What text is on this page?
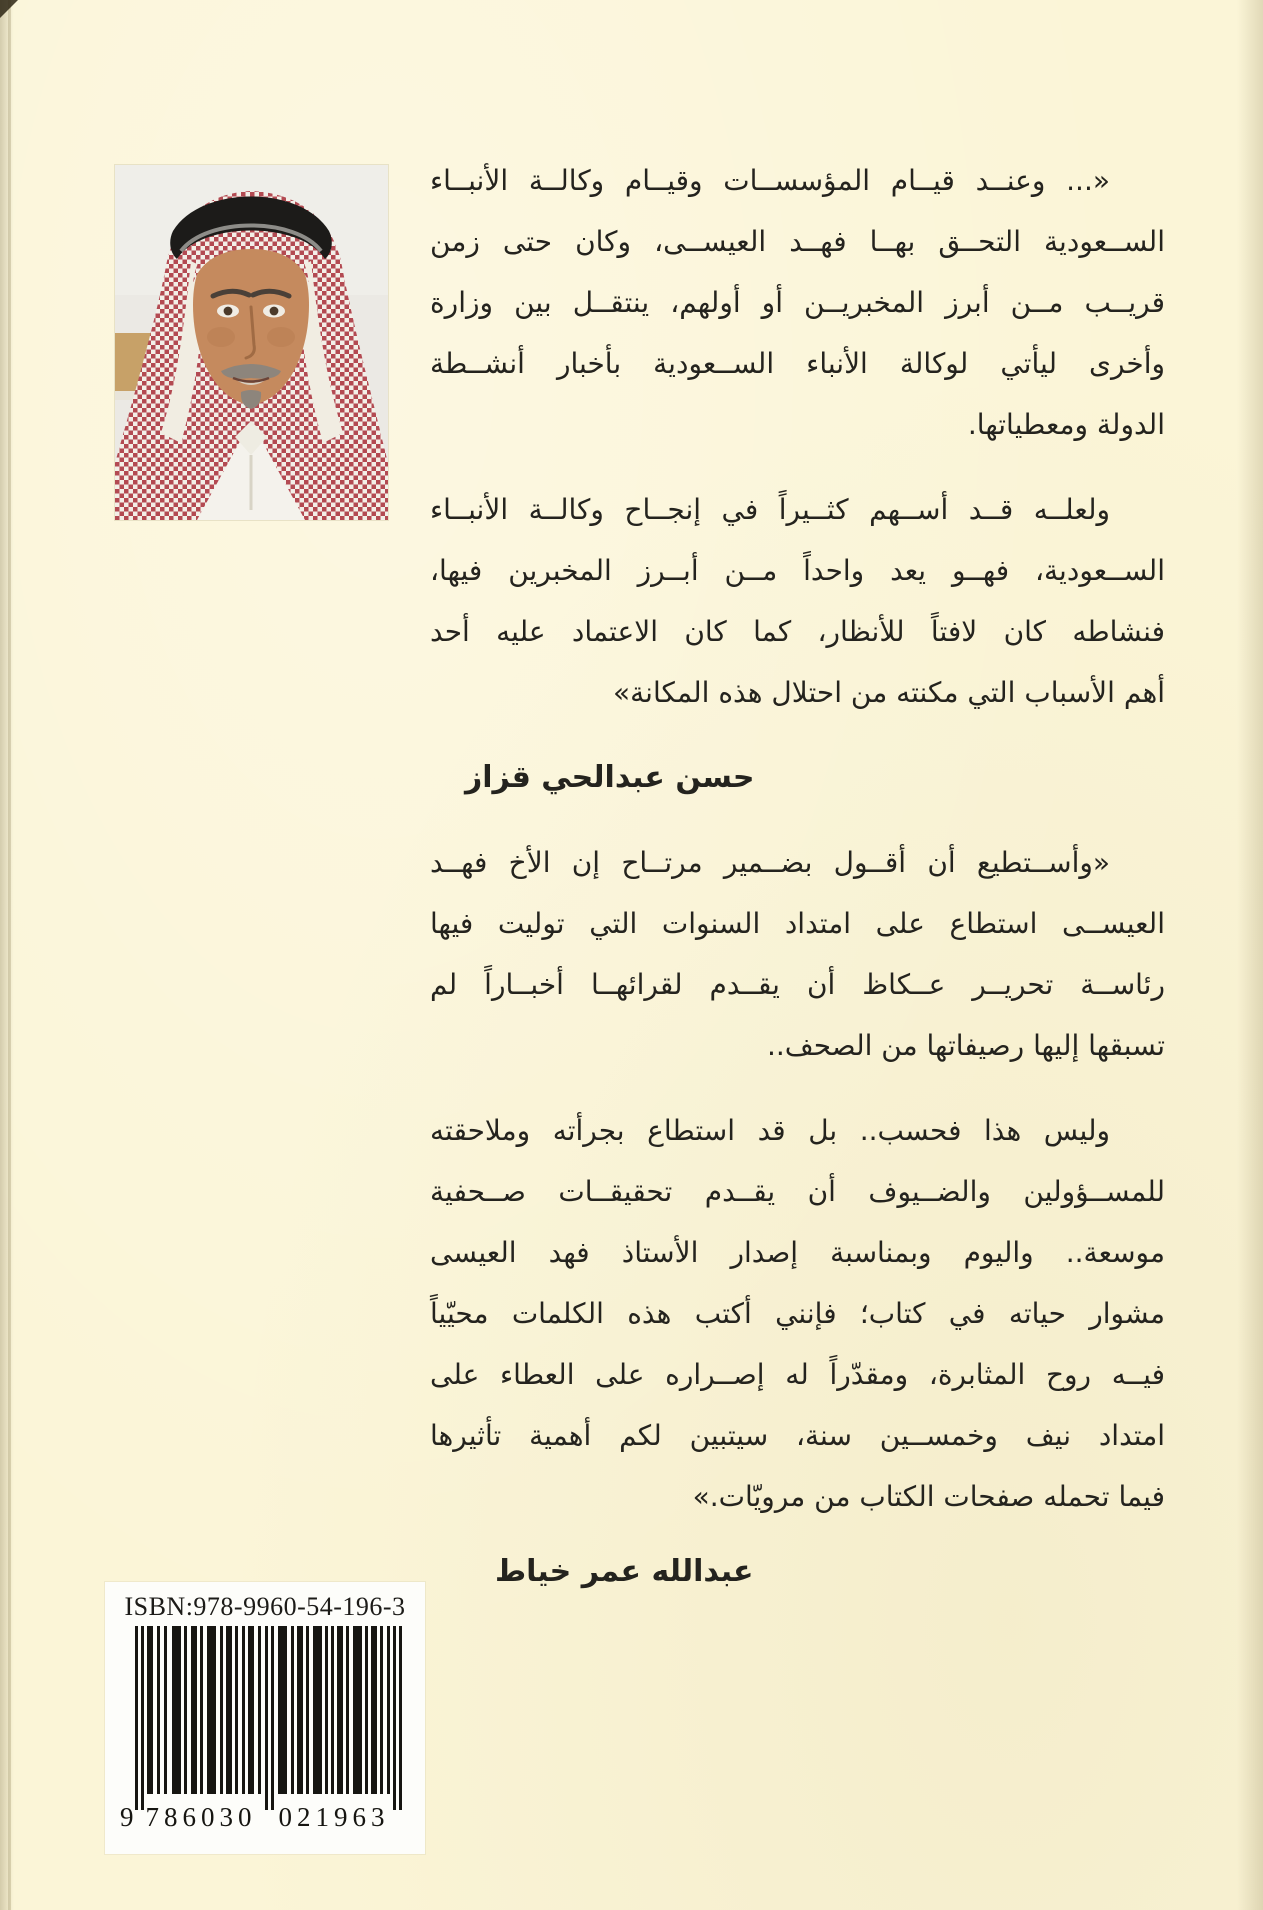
«... وعنــد قيــام المؤسســات وقيــام وكالــة الأنبــاء
الســعودية التحــق بهــا فهــد العيســى، وكان حتى زمن
قريــب مــن أبرز المخبريــن أو أولهم، ينتقــل بين وزارة
وأخرى ليأتي لوكالة الأنباء الســعودية بأخبار أنشــطة
الدولة ومعطياتها.
ولعلــه قــد أســهم كثــيراً في إنجــاح وكالــة الأنبــاء
الســعودية، فهــو يعد واحداً مــن أبــرز المخبرين فيها،
فنشاطه كان لافتاً للأنظار، كما كان الاعتماد عليه أحد
أهم الأسباب التي مكنته من احتلال هذه المكانة»
حسن عبدالحي قزاز
«وأســتطيع أن أقــول بضــمير مرتــاح إن الأخ فهــد
العيســى استطاع على امتداد السنوات التي توليت فيها
رئاســة تحريــر عــكاظ أن يقــدم لقرائهــا أخبــاراً لم
تسبقها إليها رصيفاتها من الصحف..
وليس هذا فحسب.. بل قد استطاع بجرأته وملاحقته
للمســؤولين والضــيوف أن يقــدم تحقيقــات صــحفية
موسعة.. واليوم وبمناسبة إصدار الأستاذ فهد العيسى
مشوار حياته في كتاب؛ فإنني أكتب هذه الكلمات محيّياً
فيــه روح المثابرة، ومقدّراً له إصــراره على العطاء على
امتداد نيف وخمســين سنة، سيتبين لكم أهمية تأثيرها
فيما تحمله صفحات الكتاب من مرويّات.»
عبدالله عمر خياط
ISBN:978-9960-54-196-3
9 786030 021963
